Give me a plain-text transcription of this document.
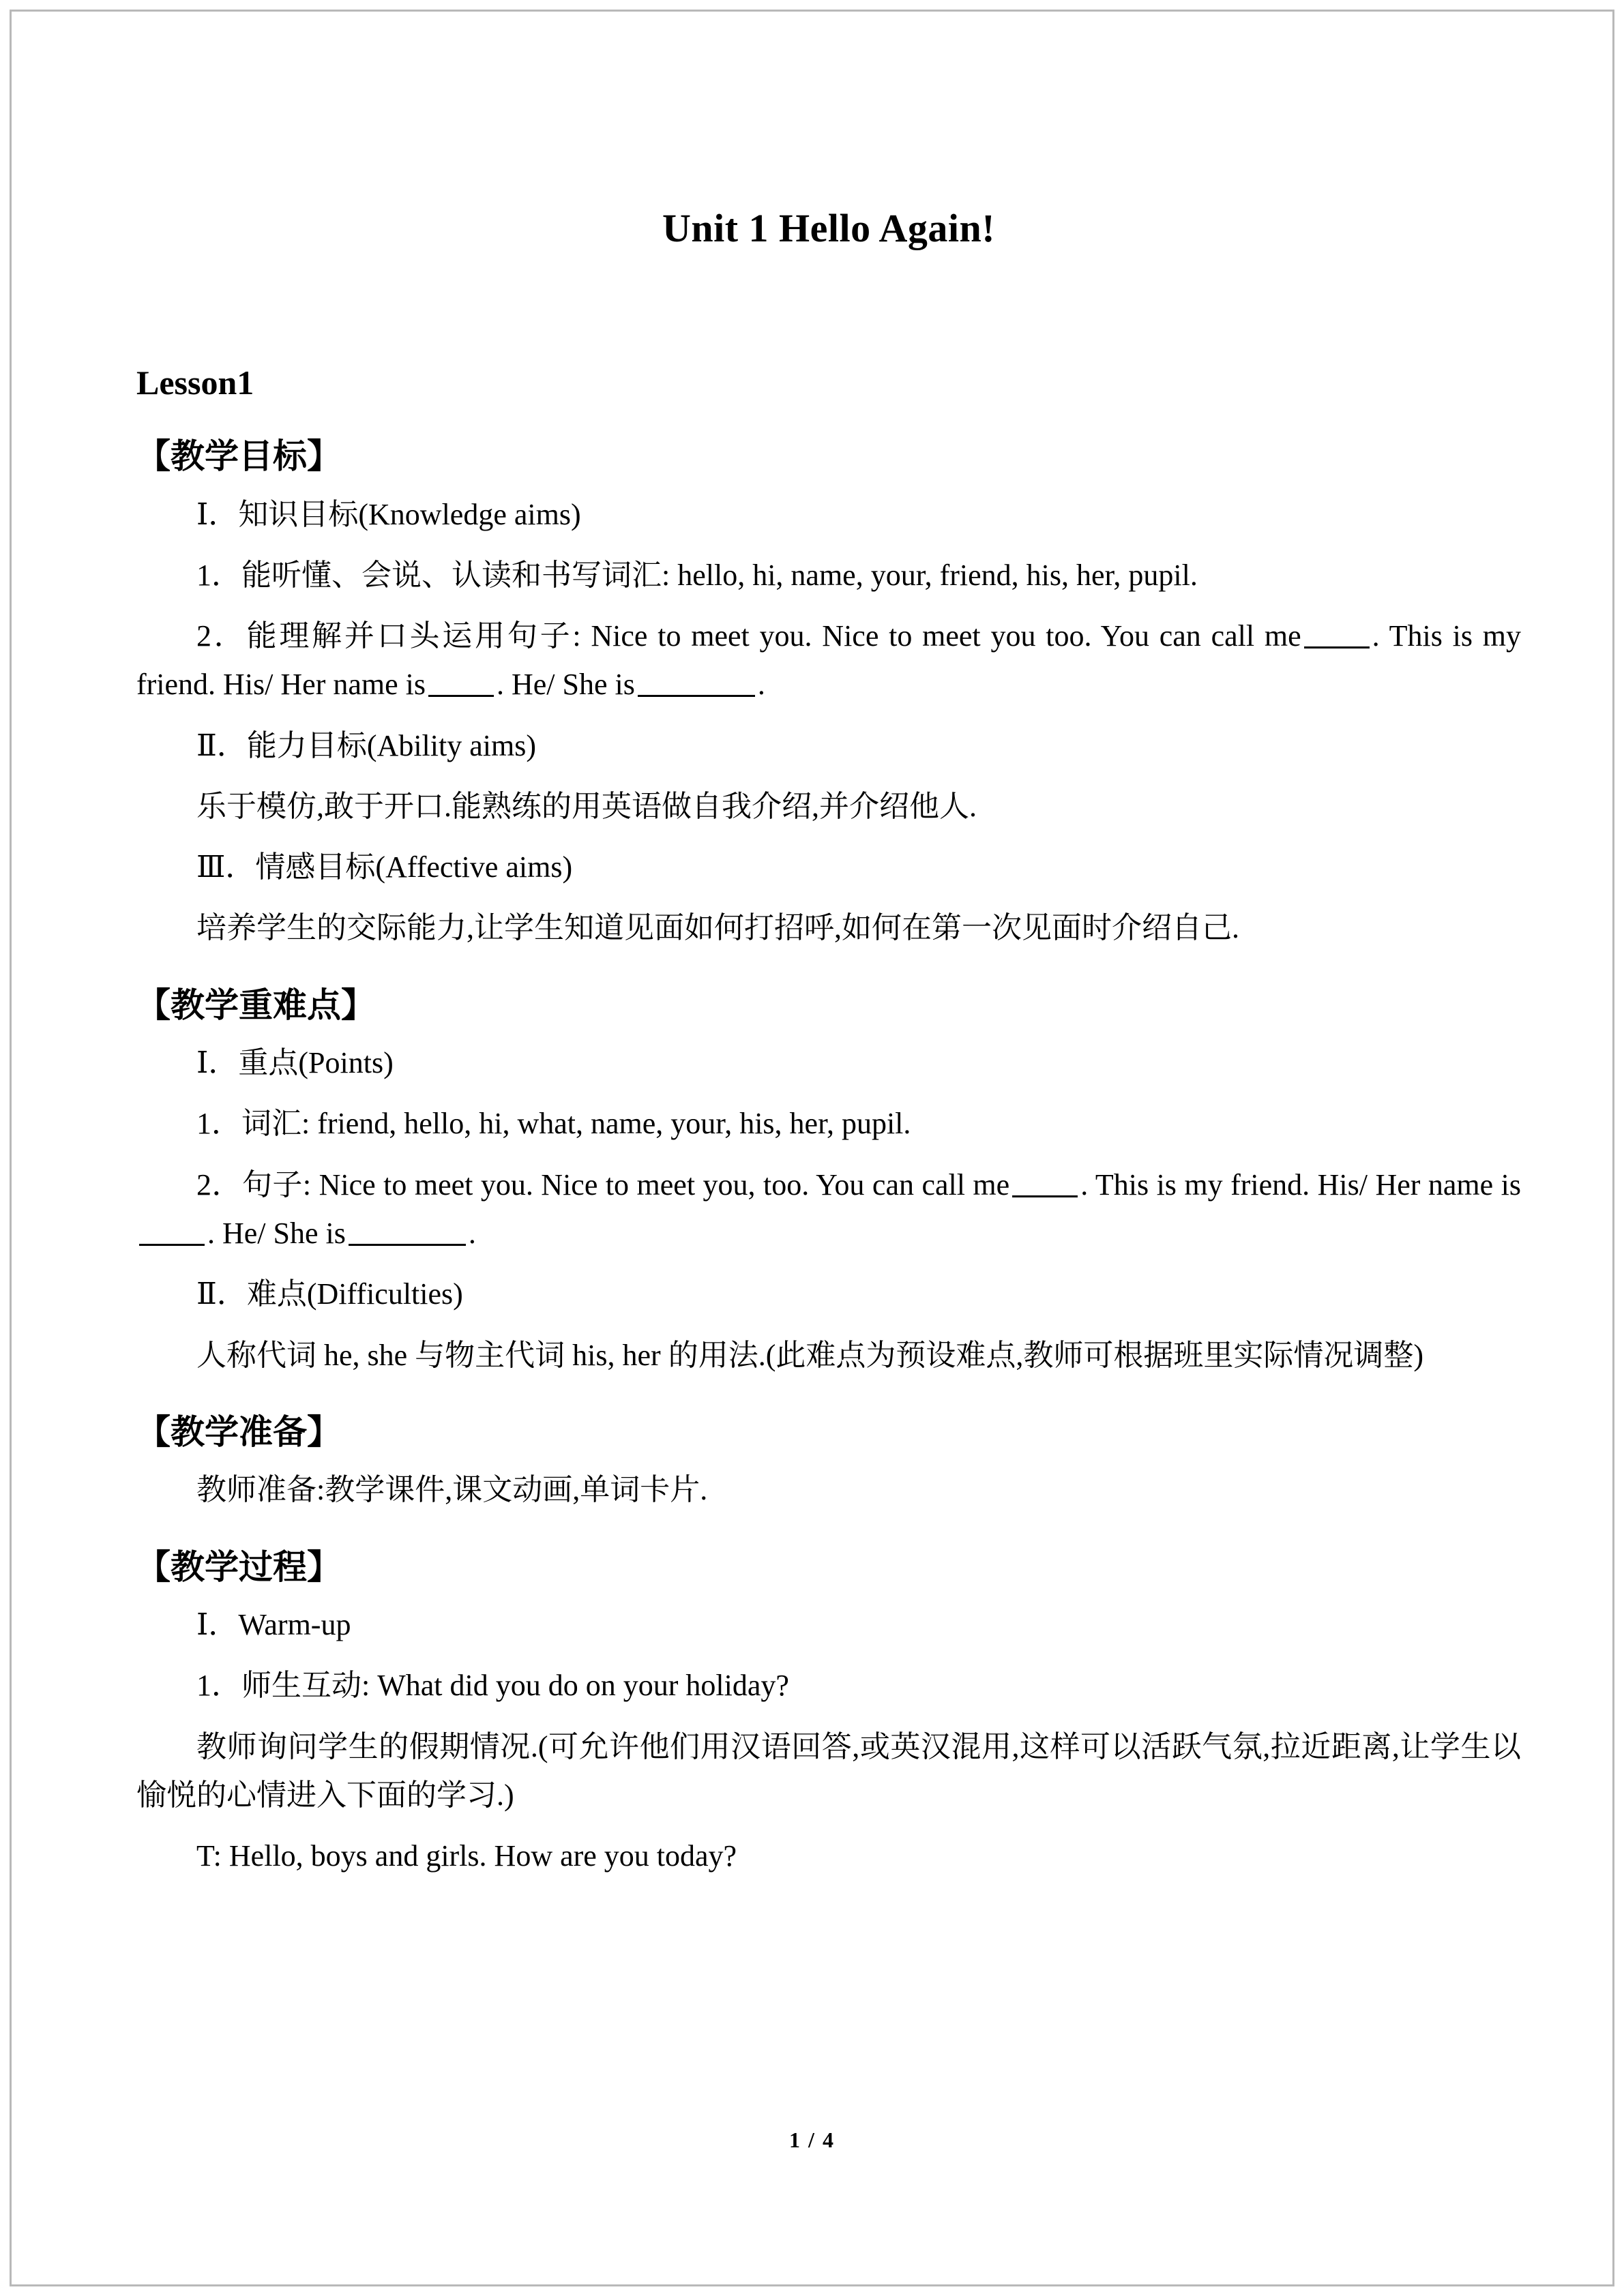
Unit 1 Hello Again!
Lesson1
【教学目标】

Ⅰ．知识目标(Knowledge aims)

1．能听懂、会说、认读和书写词汇: hello, hi, name, your, friend, his, her, pupil.

2．能理解并口头运用句子: Nice to meet you. Nice to meet you too. You can call me . This is my friend. His/ Her name is . He/ She is	.

Ⅱ．能力目标(Ability aims)

乐于模仿,敢于开口.能熟练的用英语做自我介绍,并介绍他人.

Ⅲ．情感目标(Affective aims)

培养学生的交际能力,让学生知道见面如何打招呼,如何在第一次见面时介绍自己.

【教学重难点】

Ⅰ．重点(Points)

1．词汇: friend, hello, hi, what, name, your, his, her, pupil.

2．句子: Nice to meet you. Nice to meet you, too. You can call me . This is my friend. His/ Her name is. He/ She is	.

Ⅱ．难点(Difficulties)

人称代词 he, she 与物主代词 his, her 的用法.(此难点为预设难点,教师可根据班里实际情况调整)

【教学准备】

教师准备:教学课件,课文动画,单词卡片.

【教学过程】

Ⅰ．Warm-up

1．师生互动: What did you do on your holiday?

教师询问学生的假期情况.(可允许他们用汉语回答,或英汉混用,这样可以活跃气氛,拉近距离,让学生以愉悦的心情进入下面的学习.)

T: Hello, boys and girls. How are you today?

1 / 4
